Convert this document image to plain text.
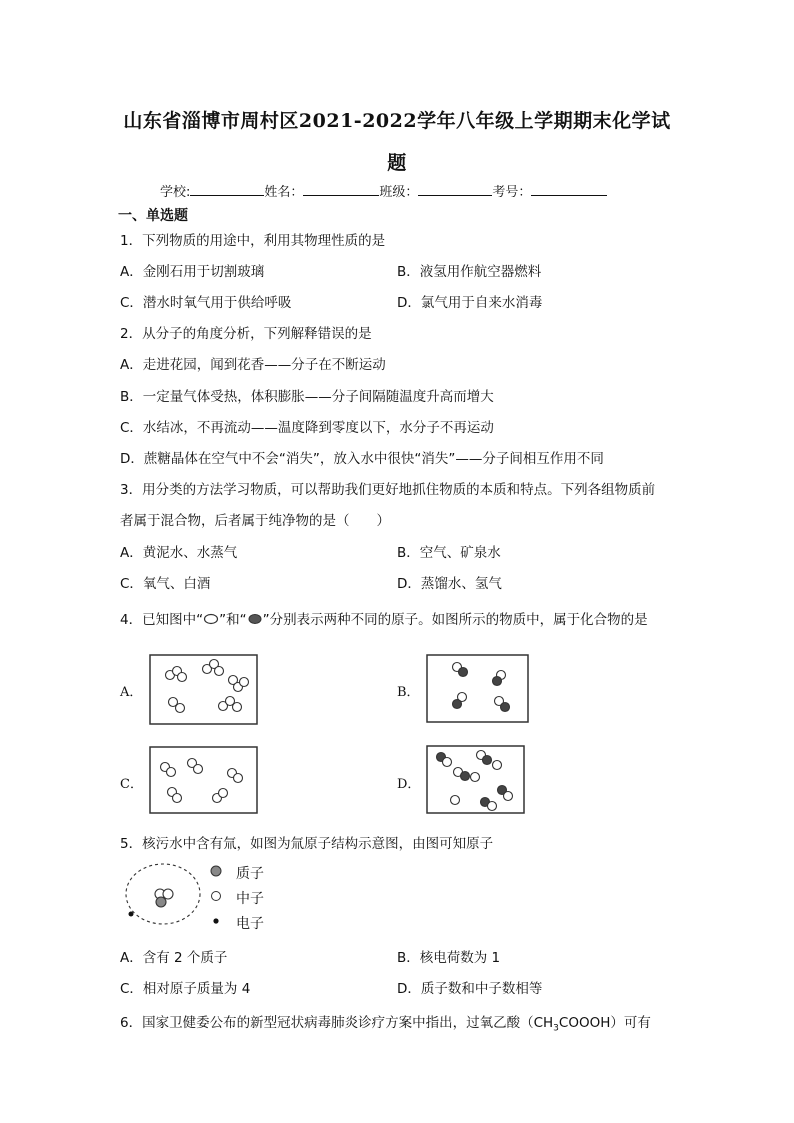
山东省淄博市周村区2021-2022学年八年级上学期期末化学试
题
学校:	姓名：	班级：	考号：
一、单选题
1．下列物质的用途中，利用其物理性质的是
A．金刚石用于切割玻璃	B．液氢用作航空器燃料
C．潜水时氧气用于供给呼吸	D．氯气用于自来水消毒
2．从分子的角度分析，下列解释错误的是
A．走进花园，闻到花香——分子在不断运动
B．一定量气体受热，体积膨胀——分子间隔随温度升高而增大
C．水结冰，不再流动——温度降到零度以下，水分子不再运动
D．蔗糖晶体在空气中不会“消失”，放入水中很快“消失”——分子间相互作用不同
3．用分类的方法学习物质，可以帮助我们更好地抓住物质的本质和特点。下列各组物质前
者属于混合物，后者属于纯净物的是（　　）
A．黄泥水、水蒸气	B．空气、矿泉水
C．氧气、白酒	D．蒸馏水、氢气
4．已知图中“ ”和“ ”分别表示两种不同的原子。如图所示的物质中，属于化合物的是
A．	B．
C．	D．
5．核污水中含有氚，如图为氚原子结构示意图，由图可知原子
质子
中子
电子
A．含有 2 个质子	B．核电荷数为 1
C．相对原子质量为 4	D．质子数和中子数相等
6．国家卫健委公布的新型冠状病毒肺炎诊疗方案中指出，过氧乙酸$(CH_3COOOH)$可有
